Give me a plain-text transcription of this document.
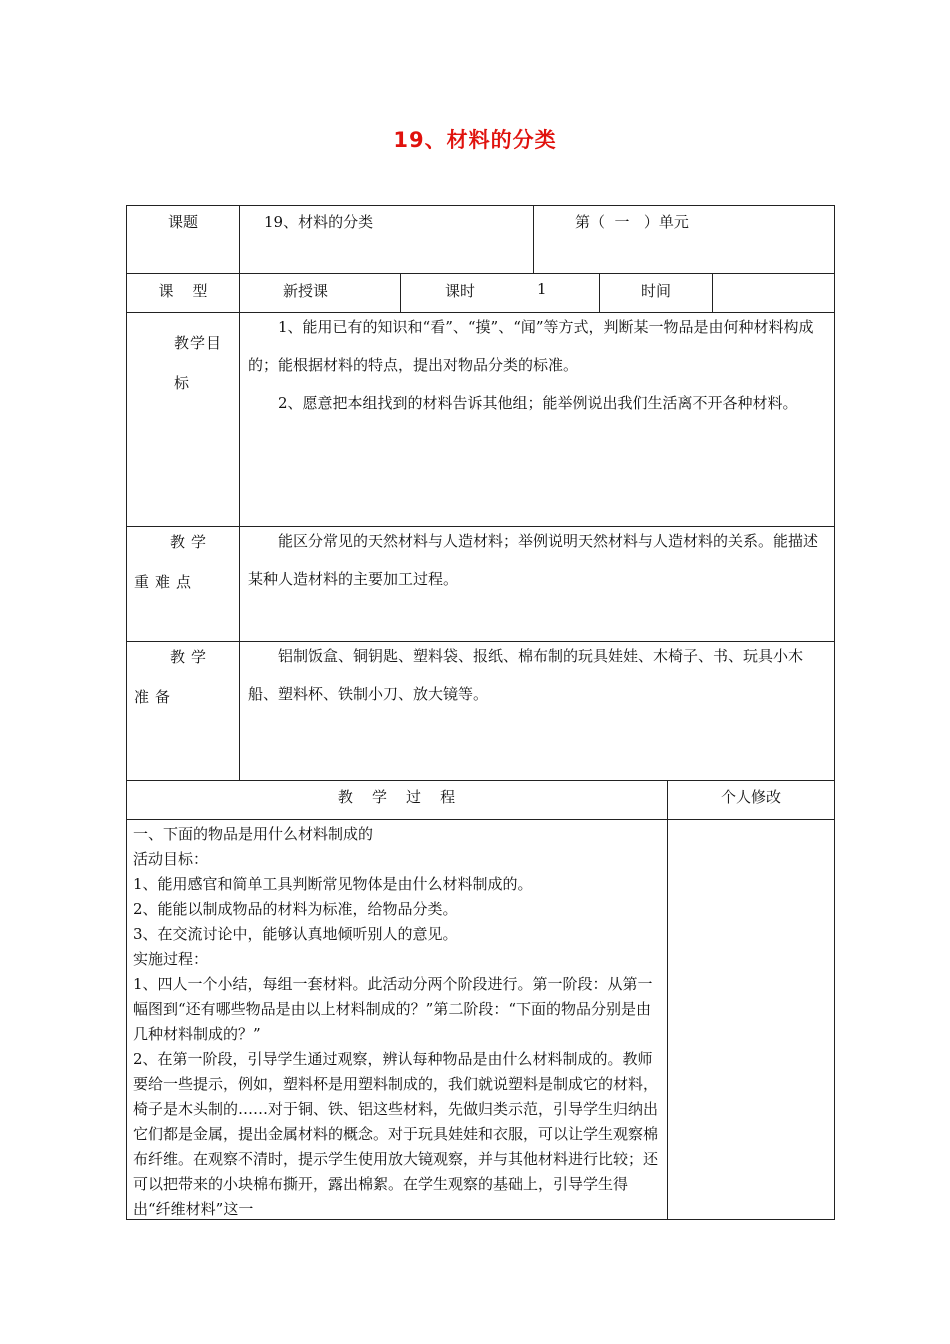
19、材料的分类
课题	19、材料的分类	第（  一   ）单元
课    型	新授课	课时	1	时间
教学目标

1、能用已有的知识和“看”、“摸”、“闻”等方式，判断某一物品是由何种材料构成的；能根据材料的特点，提出对物品分类的标准。

2、愿意把本组找到的材料告诉其他组；能举例说出我们生活离不开各种材料。

教学重难点

能区分常见的天然材料与人造材料；举例说明天然材料与人造材料的关系。能描述某种人造材料的主要加工过程。

教学准备

铝制饭盒、铜钥匙、塑料袋、报纸、棉布制的玩具娃娃、木椅子、书、玩具小木船、塑料杯、铁制小刀、放大镜等。

教    学    过    程	个人修改

一、下面的物品是用什么材料制成的

活动目标：

1、能用感官和简单工具判断常见物体是由什么材料制成的。

2、能能以制成物品的材料为标准，给物品分类。

3、在交流讨论中，能够认真地倾听别人的意见。

实施过程：

1、四人一个小结，每组一套材料。此活动分两个阶段进行。第一阶段：从第一幅图到“还有哪些物品是由以上材料制成的？”第二阶段：“下面的物品分别是由几种材料制成的？”

2、在第一阶段，引导学生通过观察，辨认每种物品是由什么材料制成的。教师要给一些提示，例如，塑料杯是用塑料制成的，我们就说塑料是制成它的材料，椅子是木头制的……对于铜、铁、铝这些材料，先做归类示范，引导学生归纳出它们都是金属，提出金属材料的概念。对于玩具娃娃和衣服，可以让学生观察棉布纤维。在观察不清时，提示学生使用放大镜观察，并与其他材料进行比较；还可以把带来的小块棉布撕开，露出棉絮。在学生观察的基础上，引导学生得出“纤维材料”这一
